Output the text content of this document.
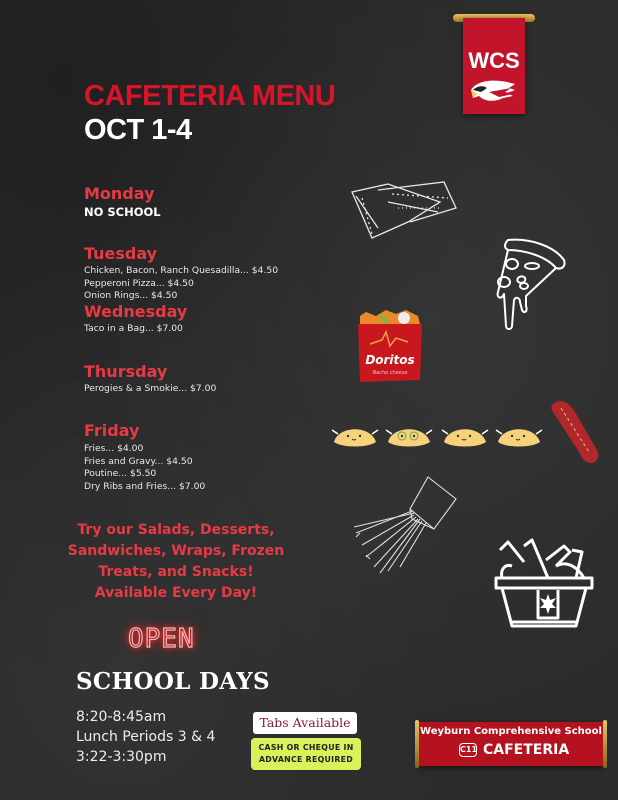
WCS
CAFETERIA MENU
OCT 1-4
Monday
NO SCHOOL
Tuesday
Chicken, Bacon, Ranch Quesadilla... $4.50
Pepperoni Pizza... $4.50
Onion Rings... $4.50
Wednesday
Taco in a Bag... $7.00
Thursday
Perogies & a Smokie... $7.00
Friday
Fries... $4.00
Fries and Gravy... $4.50
Poutine... $5.50
Dry Ribs and Fries... $7.00
Try our Salads, Desserts,
Sandwiches, Wraps, Frozen
Treats, and Snacks!
Available Every Day!
OPEN
SCHOOL DAYS
8:20-8:45am
Lunch Periods 3 & 4
3:22-3:30pm
Tabs Available
CASH OR CHEQUE IN
ADVANCE REQUIRED
Weyburn Comprehensive School
C11 CAFETERIA
Doritos
Nacho cheese
